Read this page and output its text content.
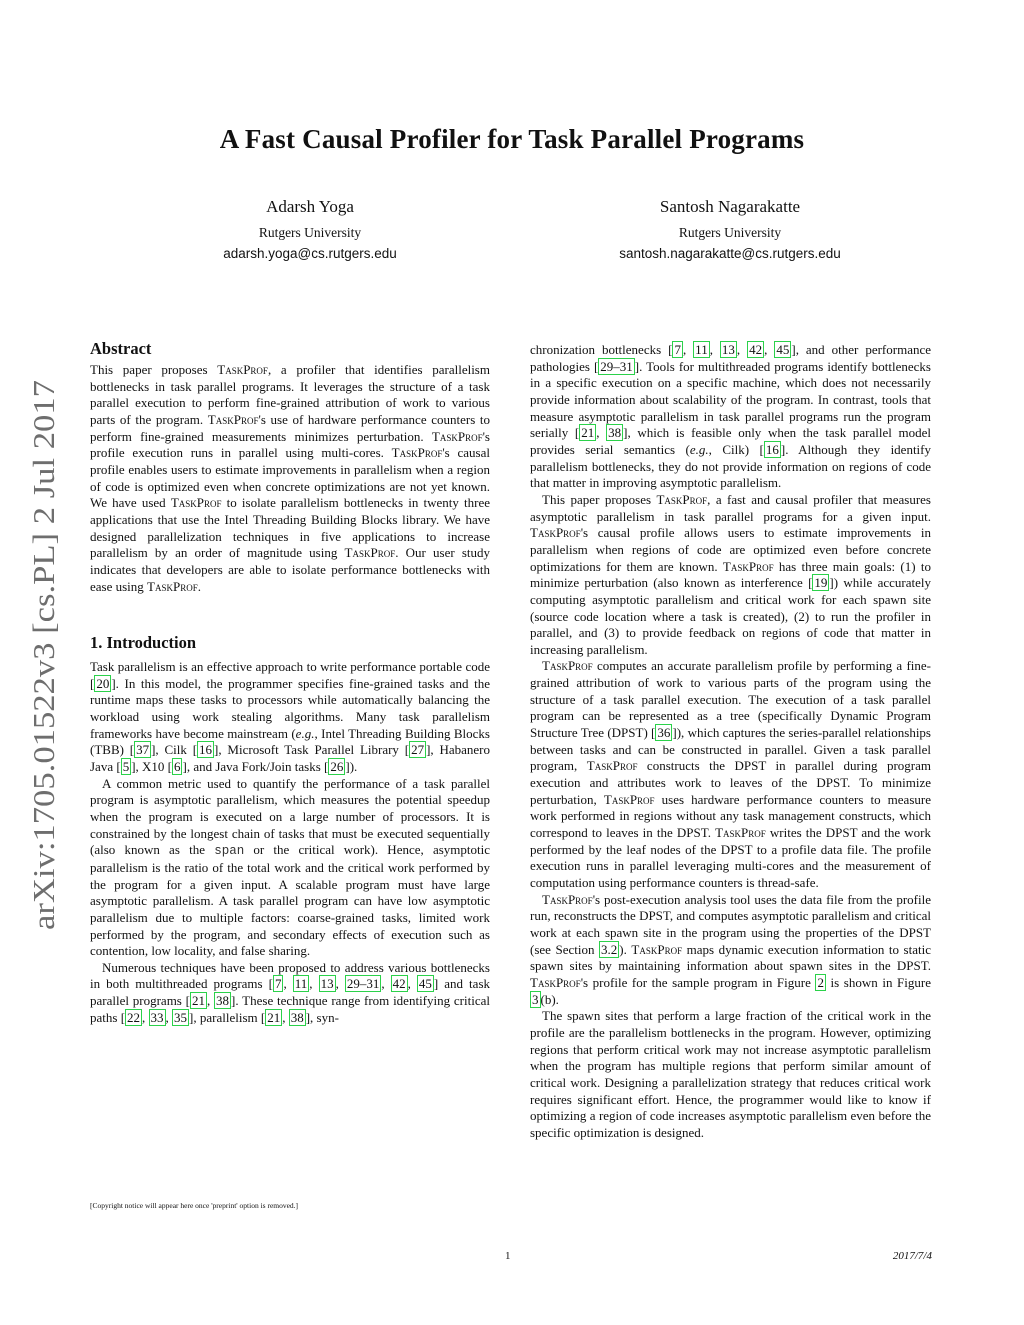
arXiv:1705.01522v3 [cs.PL] 2 Jul 2017
A Fast Causal Profiler for Task Parallel Programs
Adarsh Yoga
Rutgers University
adarsh.yoga@cs.rutgers.edu
Santosh Nagarakatte
Rutgers University
santosh.nagarakatte@cs.rutgers.edu
Abstract

This paper proposes TaskProf, a profiler that identifies parallelism bottlenecks in task parallel programs. It leverages the structure of a task parallel execution to perform fine-grained attribution of work to various parts of the program. TaskProf's use of hardware performance counters to perform fine-grained measurements minimizes perturbation. TaskProf's profile execution runs in parallel using multi-cores. TaskProf's causal profile enables users to estimate improvements in parallelism when a region of code is optimized even when concrete optimizations are not yet known. We have used TaskProf to isolate parallelism bottlenecks in twenty three applications that use the Intel Threading Building Blocks library. We have designed parallelization techniques in five applications to increase parallelism by an order of magnitude using TaskProf. Our user study indicates that developers are able to isolate performance bottlenecks with ease using TaskProf.

1. Introduction

Task parallelism is an effective approach to write performance portable code [ 20 ]. In this model, the programmer specifies fine-grained tasks and the runtime maps these tasks to processors while automatically balancing the workload using work stealing algorithms. Many task parallelism frameworks have become mainstream (e.g., Intel Threading Building Blocks (TBB) [ 37 ], Cilk [ 16 ], Microsoft Task Parallel Library [ 27 ], Habanero Java [ 5 ], X10 [ 6 ], and Java Fork/Join tasks [ 26 ]).

A common metric used to quantify the performance of a task parallel program is asymptotic parallelism, which measures the potential speedup when the program is executed on a large number of processors. It is constrained by the longest chain of tasks that must be executed sequentially (also known as the span or the critical work). Hence, asymptotic parallelism is the ratio of the total work and the critical work performed by the program for a given input. A scalable program must have large asymptotic parallelism. A task parallel program can have low asymptotic parallelism due to multiple factors: coarse-grained tasks, limited work performed by the program, and secondary effects of execution such as contention, low locality, and false sharing.

Numerous techniques have been proposed to address various bottlenecks in both multithreaded programs [ 7 , 11 , 13 , 29–31 , 42 , 45 ] and task parallel programs [ 21 , 38 ]. These technique range from identifying critical paths [ 22 , 33 , 35 ], parallelism [ 21 , 38 ], syn-

chronization bottlenecks [ 7 , 11 , 13 , 42 , 45 ], and other performance pathologies [ 29–31 ]. Tools for multithreaded programs identify bottlenecks in a specific execution on a specific machine, which does not necessarily provide information about scalability of the program. In contrast, tools that measure asymptotic parallelism in task parallel programs run the program serially [ 21 , 38 ], which is feasible only when the task parallel model provides serial semantics (e.g., Cilk) [ 16 ]. Although they identify parallelism bottlenecks, they do not provide information on regions of code that matter in improving asymptotic parallelism.

This paper proposes TaskProf, a fast and causal profiler that measures asymptotic parallelism in task parallel programs for a given input. TaskProf's causal profile allows users to estimate improvements in parallelism when regions of code are optimized even before concrete optimizations for them are known. TaskProf has three main goals: (1) to minimize perturbation (also known as interference [ 19 ]) while accurately computing asymptotic parallelism and critical work for each spawn site (source code location where a task is created), (2) to run the profiler in parallel, and (3) to provide feedback on regions of code that matter in increasing parallelism.

TaskProf computes an accurate parallelism profile by performing a fine-grained attribution of work to various parts of the program using the structure of a task parallel execution. The execution of a task parallel program can be represented as a tree (specifically Dynamic Program Structure Tree (DPST) [ 36 ]), which captures the series-parallel relationships between tasks and can be constructed in parallel. Given a task parallel program, TaskProf constructs the DPST in parallel during program execution and attributes work to leaves of the DPST. To minimize perturbation, TaskProf uses hardware performance counters to measure work performed in regions without any task management constructs, which correspond to leaves in the DPST. TaskProf writes the DPST and the work performed by the leaf nodes of the DPST to a profile data file. The profile execution runs in parallel leveraging multi-cores and the measurement of computation using performance counters is thread-safe.

TaskProf's post-execution analysis tool uses the data file from the profile run, reconstructs the DPST, and computes asymptotic parallelism and critical work at each spawn site in the program using the properties of the DPST (see Section 3.2 ). TaskProf maps dynamic execution information to static spawn sites by maintaining information about spawn sites in the DPST. TaskProf's profile for the sample program in Figure 2 is shown in Figure 3 (b).

The spawn sites that perform a large fraction of the critical work in the profile are the parallelism bottlenecks in the program. However, optimizing regions that perform critical work may not increase asymptotic parallelism when the program has multiple regions that perform similar amount of critical work. Designing a parallelization strategy that reduces critical work requires significant effort. Hence, the programmer would like to know if optimizing a region of code increases asymptotic parallelism even before the specific optimization is designed.

[Copyright notice will appear here once 'preprint' option is removed.]
1	2017/7/4
